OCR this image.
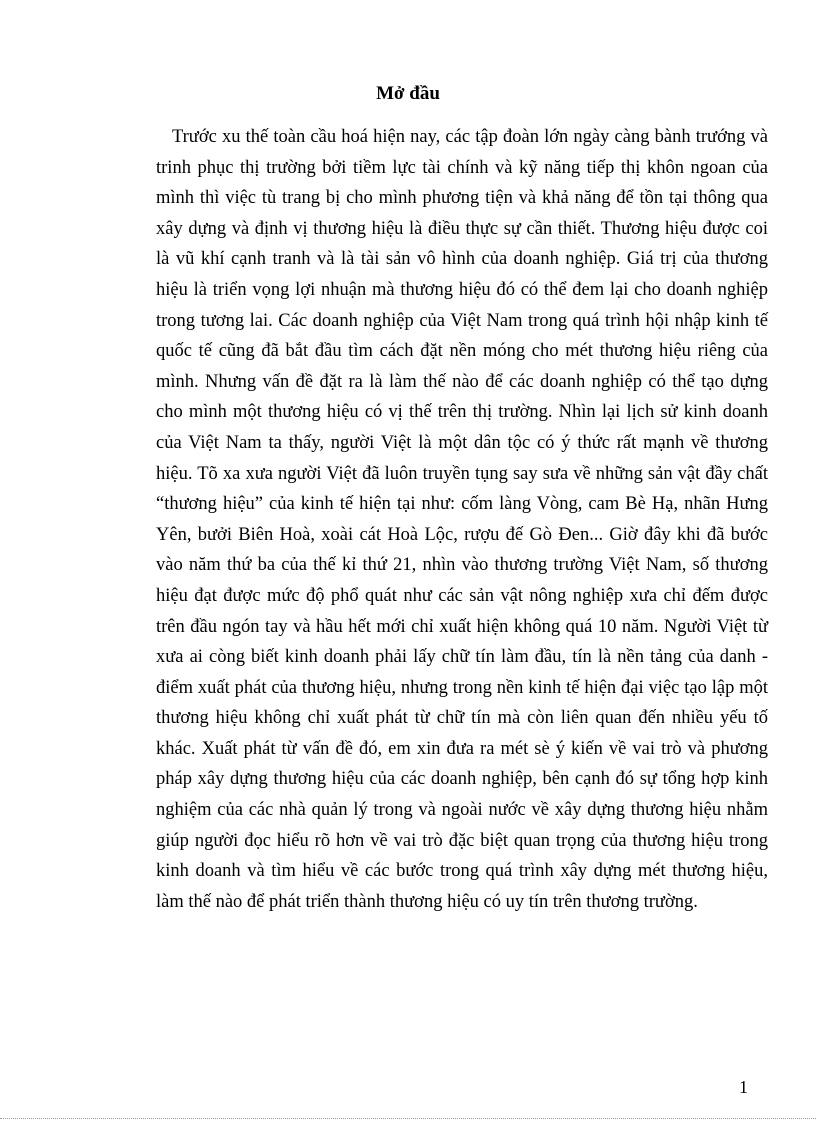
Mở đầu

Trước xu thế toàn cầu hoá hiện nay, các tập đoàn lớn ngày càng bành trướng và trinh phục thị trường bởi tiềm lực tài chính và kỹ năng tiếp thị khôn ngoan của mình thì việc tù trang bị cho mình phương tiện và khả năng để tồn tại thông qua xây dựng và định vị thương hiệu là điều thực sự cần thiết. Thương hiệu được coi là vũ khí cạnh tranh và là tài sản vô hình của doanh nghiệp. Giá trị của thương hiệu là triển vọng lợi nhuận mà thương hiệu đó có thể đem lại cho doanh nghiệp trong tương lai. Các doanh nghiệp của Việt Nam trong quá trình hội nhập kinh tế quốc tế cũng đã bắt đầu tìm cách đặt nền móng cho mét thương hiệu riêng của mình. Nhưng vấn đề đặt ra là làm thế nào để các doanh nghiệp có thể tạo dựng cho mình một thương hiệu có vị thế trên thị trường. Nhìn lại lịch sử kinh doanh của Việt Nam ta thấy, người Việt là một dân tộc có ý thức rất mạnh về thương hiệu. Tõ xa xưa người Việt đã luôn truyền tụng say sưa về những sản vật đầy chất “thương hiệu” của kinh tế hiện tại như: cốm làng Vòng, cam Bè Hạ, nhãn Hưng Yên, bưởi Biên Hoà, xoài cát Hoà Lộc, rượu đế Gò Đen... Giờ đây khi đã bước vào năm thứ ba của thế kỉ thứ 21, nhìn vào thương trường Việt Nam, số thương hiệu đạt được mức độ phổ quát như các sản vật nông nghiệp xưa chỉ đếm được trên đầu ngón tay và hầu hết mới chỉ xuất hiện không quá 10 năm. Người Việt từ xưa ai còng biết kinh doanh phải lấy chữ tín làm đầu, tín là nền tảng của danh - điểm xuất phát của thương hiệu, nhưng trong nền kinh tế hiện đại việc tạo lập một thương hiệu không chỉ xuất phát từ chữ tín mà còn liên quan đến nhiều yếu tố khác. Xuất phát từ vấn đề đó, em xin đưa ra mét sè ý kiến về vai trò và phương pháp xây dựng thương hiệu của các doanh nghiệp, bên cạnh đó sự tổng hợp kinh nghiệm của các nhà quản lý trong và ngoài nước về xây dựng thương hiệu nhằm giúp người đọc hiểu rõ hơn về vai trò đặc biệt quan trọng của thương hiệu trong kinh doanh và tìm hiểu về các bước trong quá trình xây dựng mét thương hiệu, làm thế nào để phát triển thành thương hiệu có uy tín trên thương trường.

1
